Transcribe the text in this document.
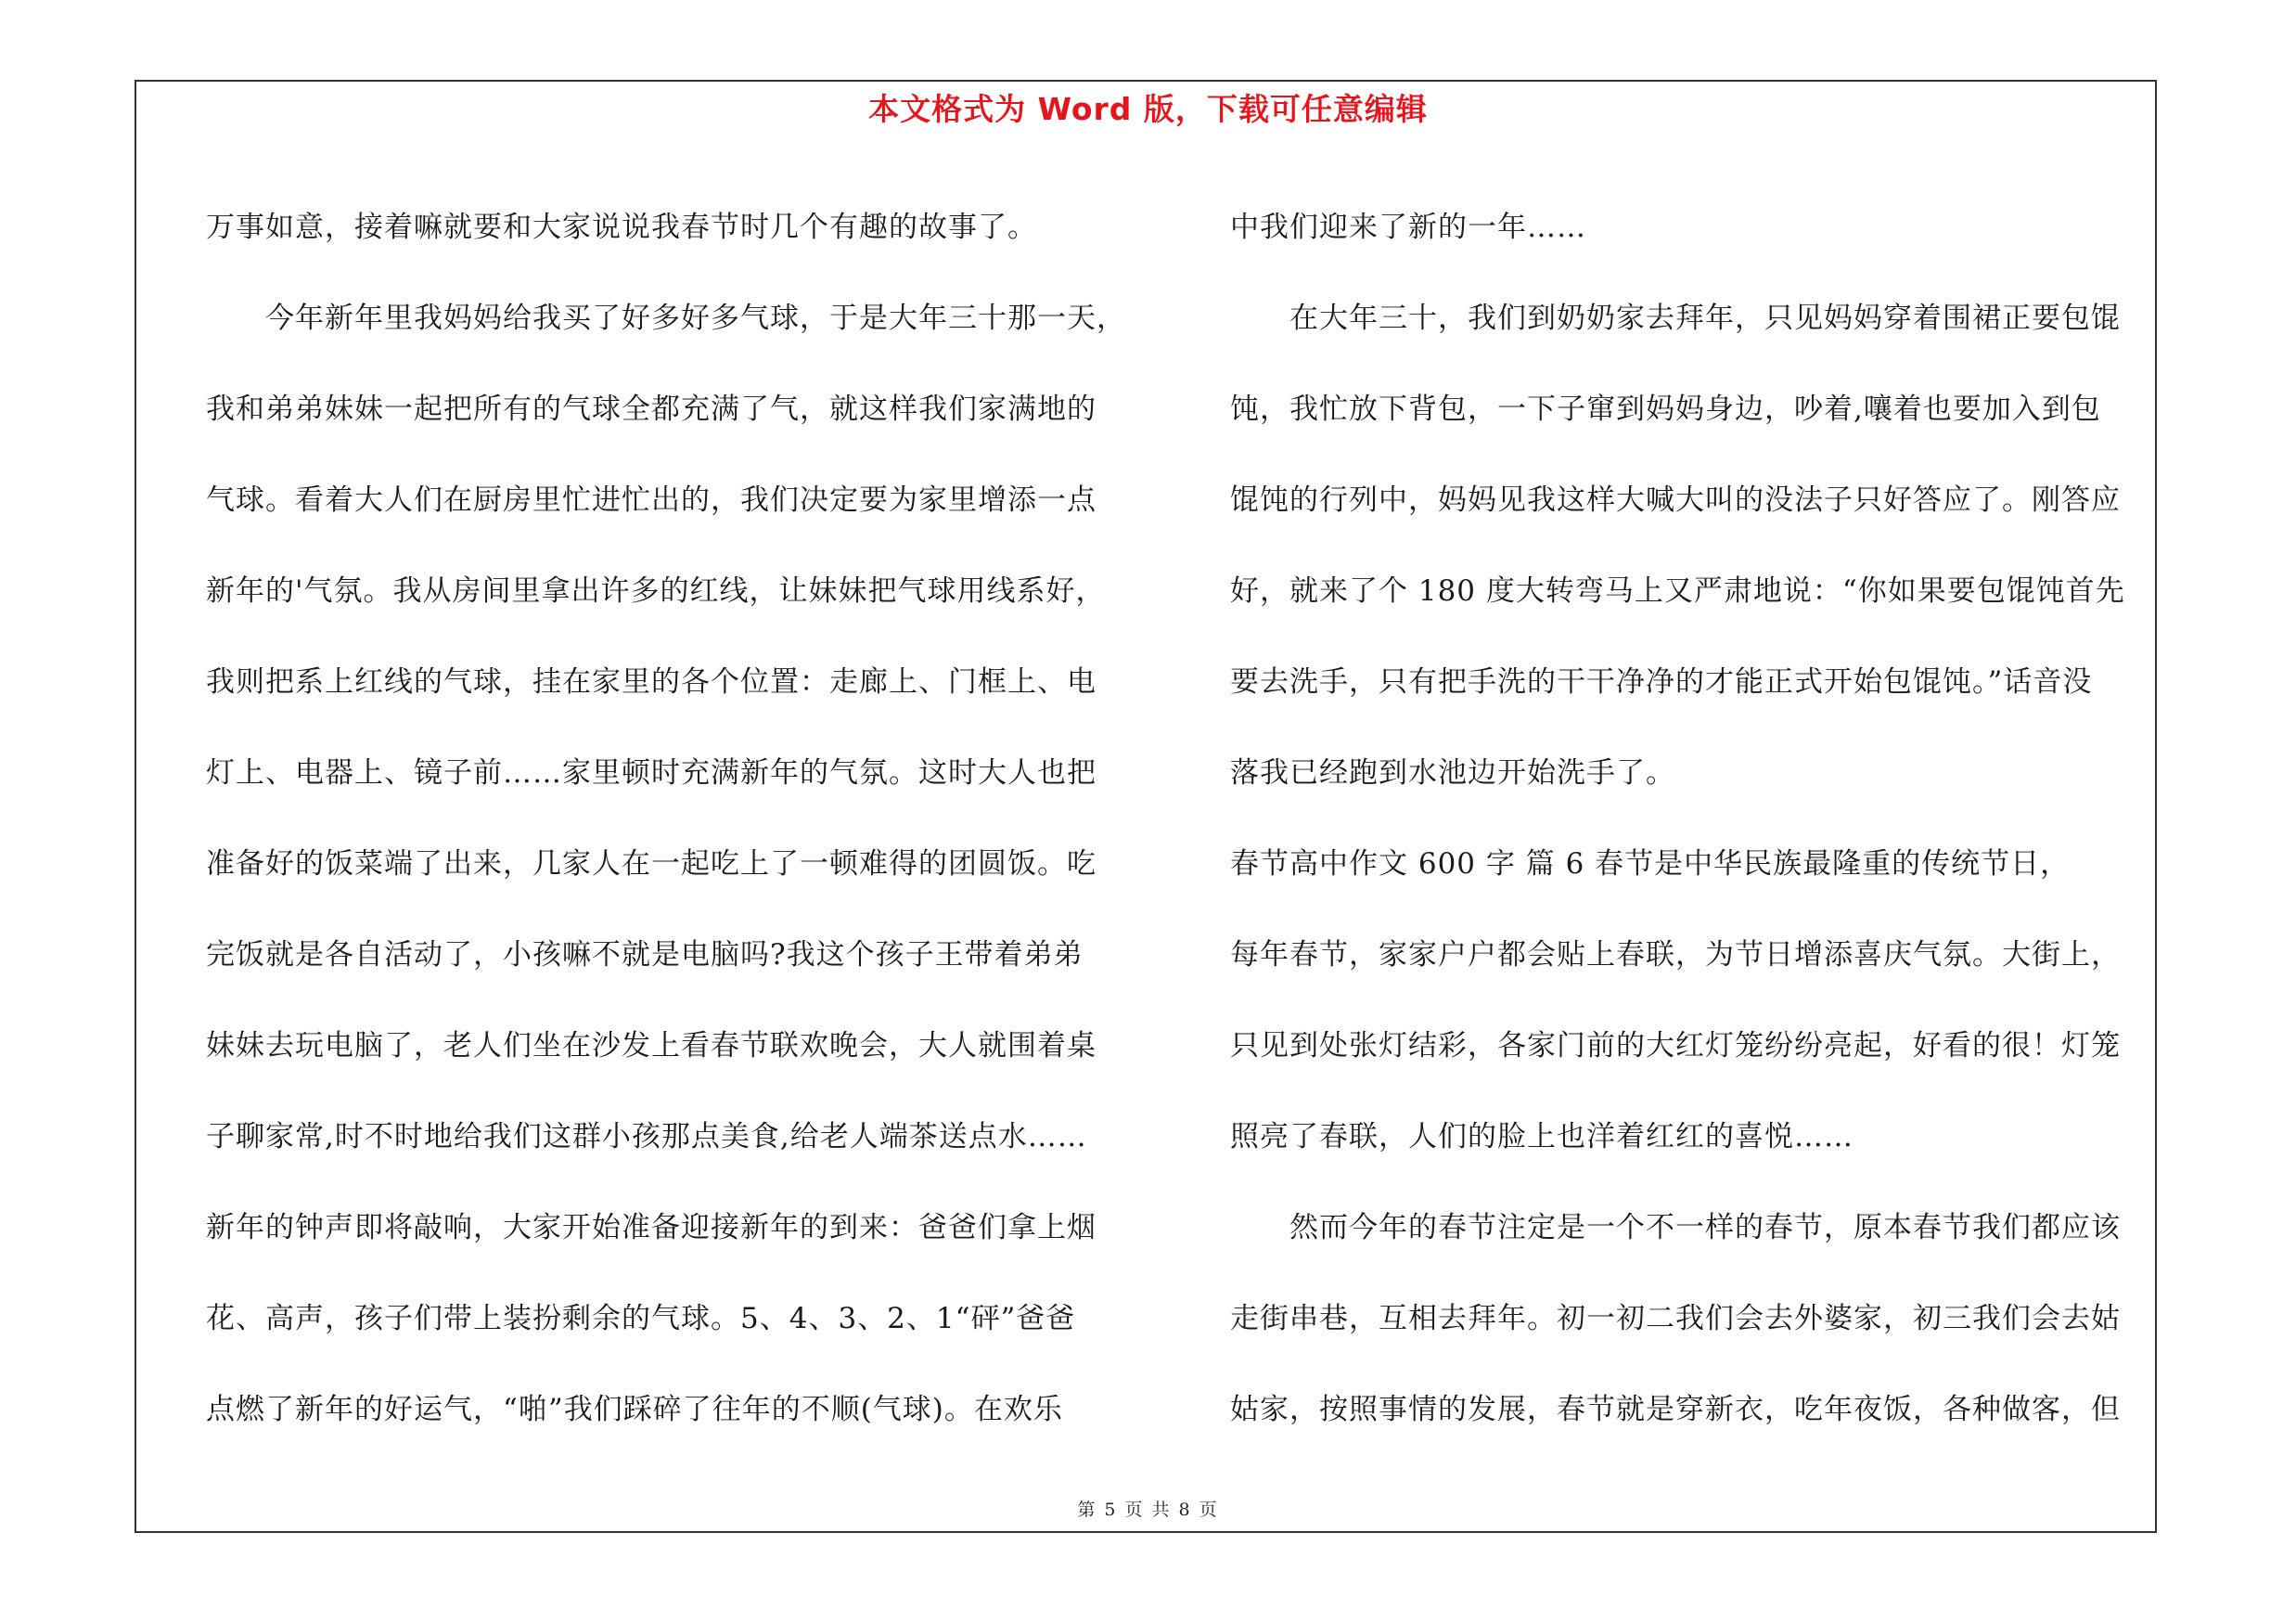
本文格式为 Word 版，下载可任意编辑
万事如意，接着嘛就要和大家说说我春节时几个有趣的故事了。
今年新年里我妈妈给我买了好多好多气球，于是大年三十那一天，
我和弟弟妹妹一起把所有的气球全都充满了气，就这样我们家满地的
气球。看着大人们在厨房里忙进忙出的，我们决定要为家里增添一点
新年的'气氛。我从房间里拿出许多的红线，让妹妹把气球用线系好，
我则把系上红线的气球，挂在家里的各个位置：走廊上、门框上、电
灯上、电器上、镜子前……家里顿时充满新年的气氛。这时大人也把
准备好的饭菜端了出来，几家人在一起吃上了一顿难得的团圆饭。吃
完饭就是各自活动了，小孩嘛不就是电脑吗?我这个孩子王带着弟弟
妹妹去玩电脑了，老人们坐在沙发上看春节联欢晚会，大人就围着桌
子聊家常,时不时地给我们这群小孩那点美食,给老人端茶送点水……
新年的钟声即将敲响，大家开始准备迎接新年的到来：爸爸们拿上烟
花、高声，孩子们带上装扮剩余的气球。5、4、3、2、1“砰”爸爸
点燃了新年的好运气，“啪”我们踩碎了往年的不顺(气球)。在欢乐
中我们迎来了新的一年……
在大年三十，我们到奶奶家去拜年，只见妈妈穿着围裙正要包馄
饨，我忙放下背包，一下子窜到妈妈身边，吵着,嚷着也要加入到包
馄饨的行列中，妈妈见我这样大喊大叫的没法子只好答应了。刚答应
好，就来了个 180 度大转弯马上又严肃地说：“你如果要包馄饨首先
要去洗手，只有把手洗的干干净净的才能正式开始包馄饨。”话音没
落我已经跑到水池边开始洗手了。
春节高中作文 600 字 篇 6 春节是中华民族最隆重的传统节日，
每年春节，家家户户都会贴上春联，为节日增添喜庆气氛。大街上，
只见到处张灯结彩，各家门前的大红灯笼纷纷亮起，好看的很！灯笼
照亮了春联，人们的脸上也洋着红红的喜悦……
然而今年的春节注定是一个不一样的春节，原本春节我们都应该
走街串巷，互相去拜年。初一初二我们会去外婆家，初三我们会去姑
姑家，按照事情的发展，春节就是穿新衣，吃年夜饭，各种做客，但
第 5 页 共 8 页
